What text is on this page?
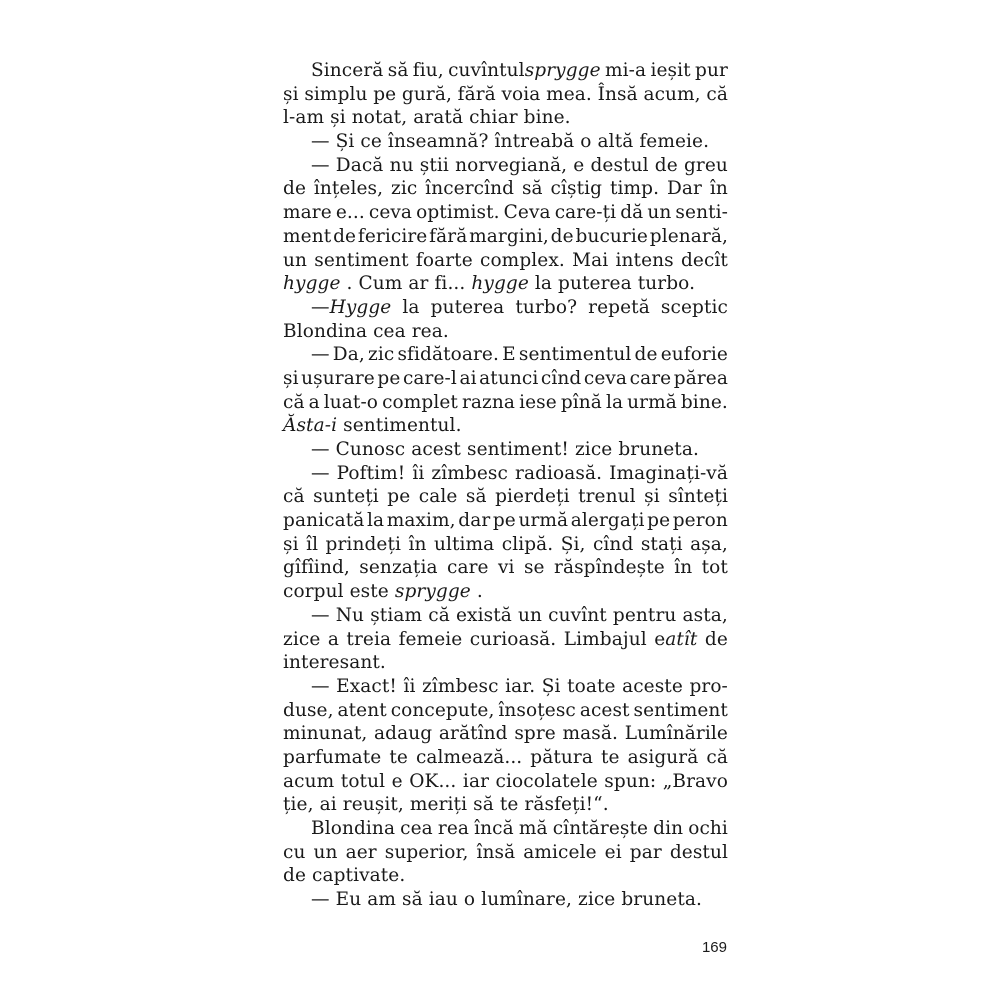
Sinceră să fiu, cuvîntul sprygge mi-a ieșit pur
și simplu pe gură, fără voia mea. Însă acum, că
l-am și notat, arată chiar bine.
— Și ce înseamnă? întreabă o altă femeie.
— Dacă nu știi norvegiană, e destul de greu
de înțeles, zic încercînd să cîștig timp. Dar în
mare e... ceva optimist. Ceva care-ți dă un senti-
ment de fericire fără margini, de bucurie plenară,
un sentiment foarte complex. Mai intens decît
hygge . Cum ar fi... hygge la puterea turbo.
— Hygge la puterea turbo? repetă sceptic
Blondina cea rea.
— Da, zic sfidătoare. E sentimentul de euforie
și ușurare pe care-l ai atunci cînd ceva care părea
că a luat-o complet razna iese pînă la urmă bine.
Ăsta-i sentimentul.
— Cunosc acest sentiment! zice bruneta.
— Poftim! îi zîmbesc radioasă. Imaginați-vă
că sunteți pe cale să pierdeți trenul și sînteți
panicată la maxim, dar pe urmă alergați pe peron
și îl prindeți în ultima clipă. Și, cînd stați așa,
gîfîind, senzația care vi se răspîndește în tot
corpul este sprygge .
— Nu știam că există un cuvînt pentru asta,
zice a treia femeie curioasă. Limbajul e atît de
interesant.
— Exact! îi zîmbesc iar. Și toate aceste pro-
duse, atent concepute, însoțesc acest sentiment
minunat, adaug arătînd spre masă. Lumînările
parfumate te calmează... pătura te asigură că
acum totul e OK... iar ciocolatele spun: „Bravo
ție, ai reușit, meriți să te răsfeți!“.
Blondina cea rea încă mă cîntărește din ochi
cu un aer superior, însă amicele ei par destul
de captivate.
— Eu am să iau o lumînare, zice bruneta.
169
